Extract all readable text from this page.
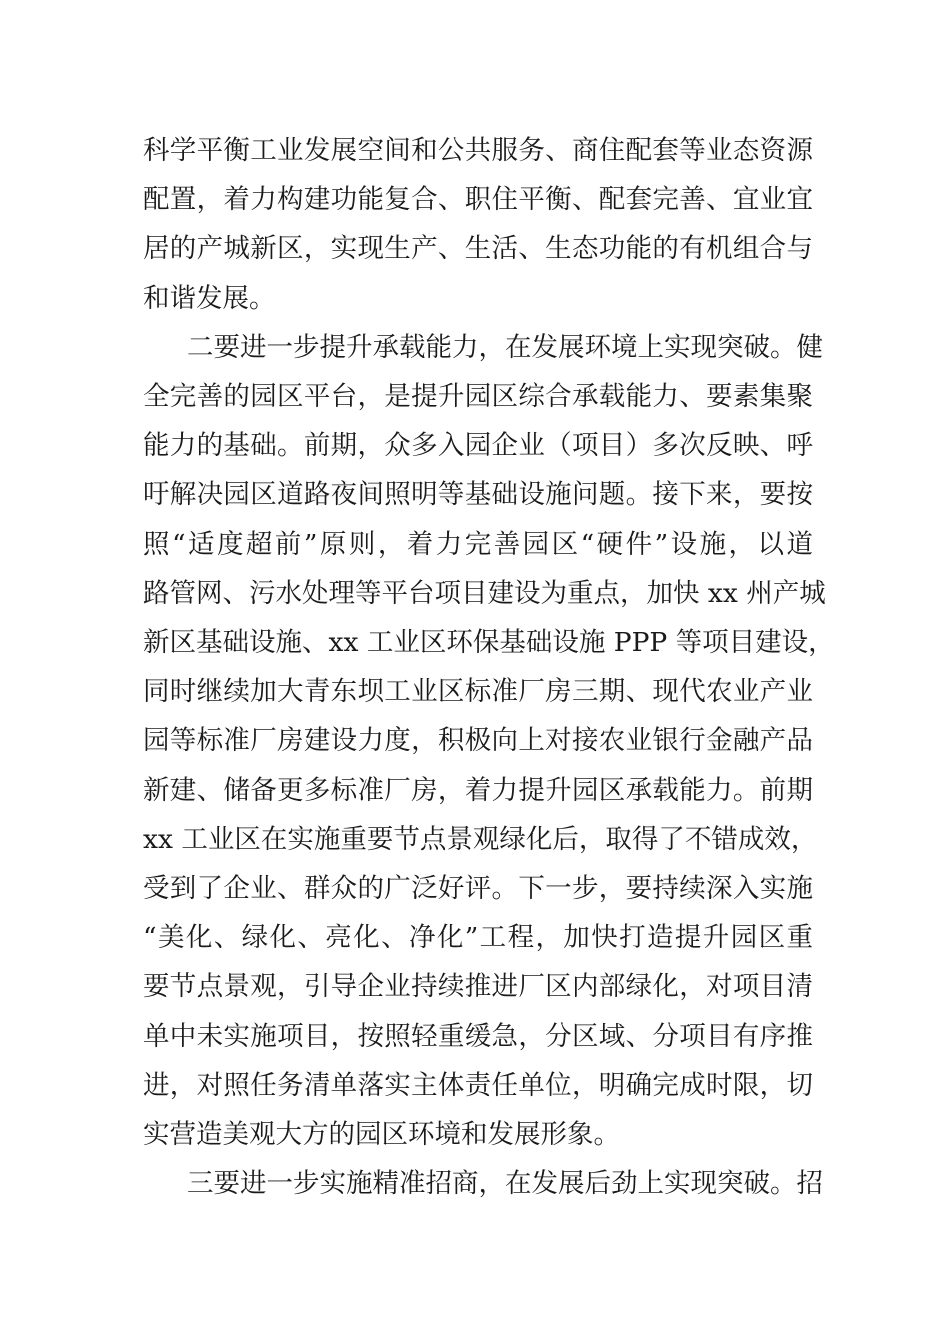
科学平衡工业发展空间和公共服务、商住配套等业态资源
配置，着力构建功能复合、职住平衡、配套完善、宜业宜
居的产城新区，实现生产、生活、生态功能的有机组合与
和谐发展。
二要进一步提升承载能力，在发展环境上实现突破。健
全完善的园区平台，是提升园区综合承载能力、要素集聚
能力的基础。前期，众多入园企业（项目）多次反映、呼
吁解决园区道路夜间照明等基础设施问题。接下来，要按
照“适度超前”原则，着力完善园区“硬件”设施，以道
路管网、污水处理等平台项目建设为重点，加快 xx 州产城
新区基础设施、xx 工业区环保基础设施 PPP 等项目建设，
同时继续加大青东坝工业区标准厂房三期、现代农业产业
园等标准厂房建设力度，积极向上对接农业银行金融产品
新建、储备更多标准厂房，着力提升园区承载能力。前期
xx 工业区在实施重要节点景观绿化后，取得了不错成效，
受到了企业、群众的广泛好评。下一步，要持续深入实施
“美化、绿化、亮化、净化”工程，加快打造提升园区重
要节点景观，引导企业持续推进厂区内部绿化，对项目清
单中未实施项目，按照轻重缓急，分区域、分项目有序推
进，对照任务清单落实主体责任单位，明确完成时限，切
实营造美观大方的园区环境和发展形象。
三要进一步实施精准招商，在发展后劲上实现突破。招
